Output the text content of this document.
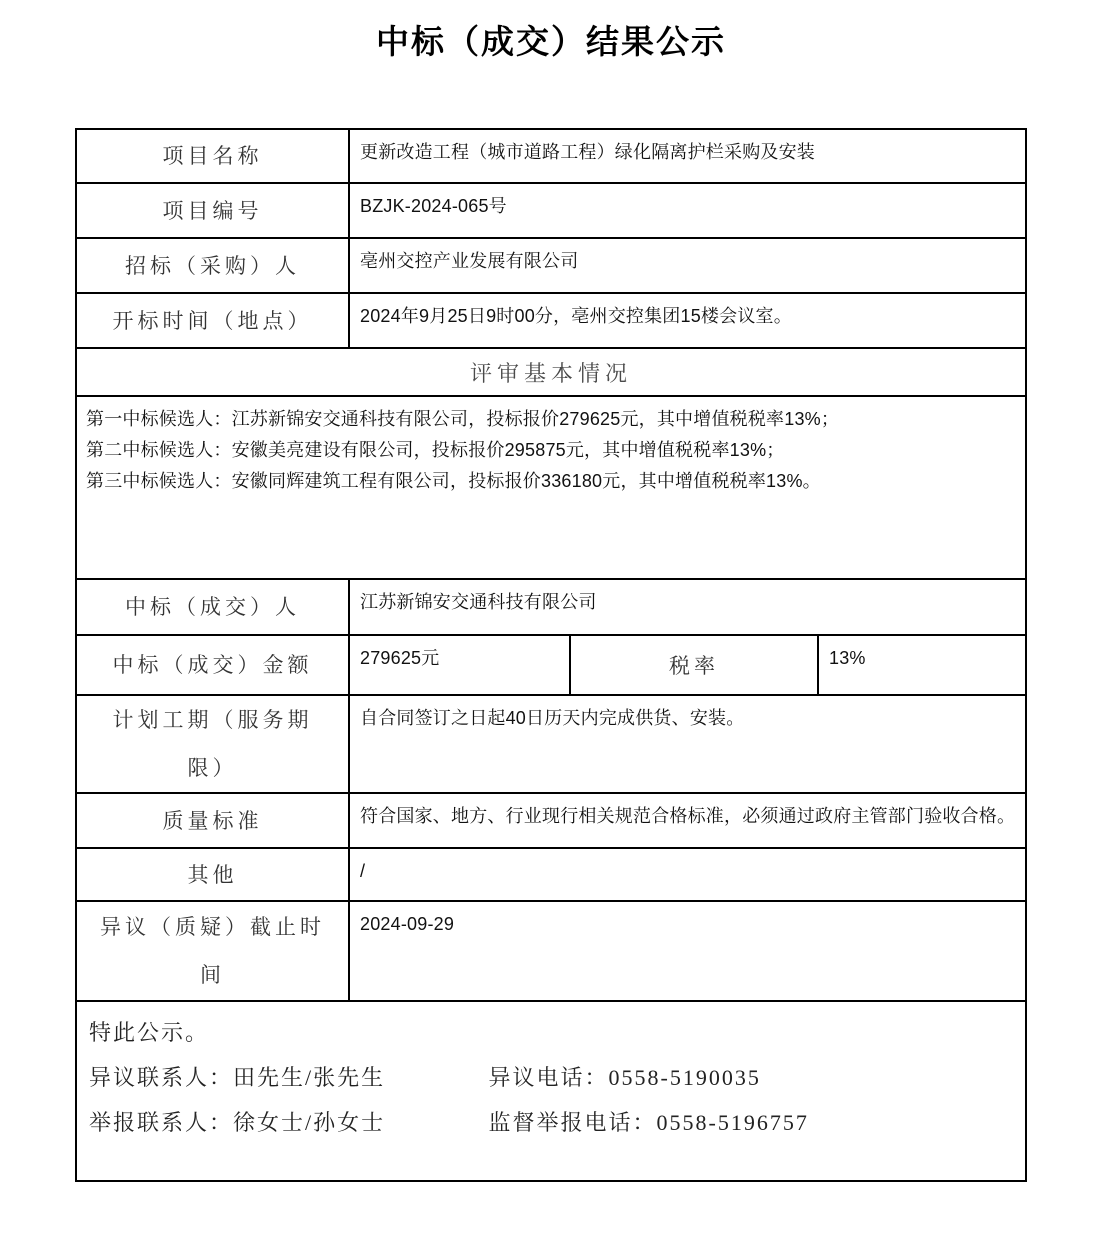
中标（成交）结果公示
项目名称	更新改造工程（城市道路工程）绿化隔离护栏采购及安装		
项目编号	BZJK-2024-065号		
招标（采购）人	亳州交控产业发展有限公司		
开标时间（地点）	2024年9月25日9时00分，亳州交控集团15楼会议室。		
评审基本情况			

第一中标候选人：江苏新锦安交通科技有限公司，投标报价279625元，其中增值税税率13%；
第二中标候选人：安徽美亮建设有限公司，投标报价295875元，其中增值税税率13%；
第三中标候选人：安徽同辉建筑工程有限公司，投标报价336180元，其中增值税税率13%。			

中标（成交）人	江苏新锦安交通科技有限公司		
中标（成交）金额	279625元	税率	13%
计划工期（服务期限）	自合同签订之日起40日历天内完成供货、安装。		
质量标准	符合国家、地方、行业现行相关规范合格标准，必须通过政府主管部门验收合格。		
其他	/		
异议（质疑）截止时间	2024-09-29		

特此公示。
异议联系人：田先生/张先生 异议电话：0558-5190035
举报联系人：徐女士/孙女士 监督举报电话：0558-5196757			
